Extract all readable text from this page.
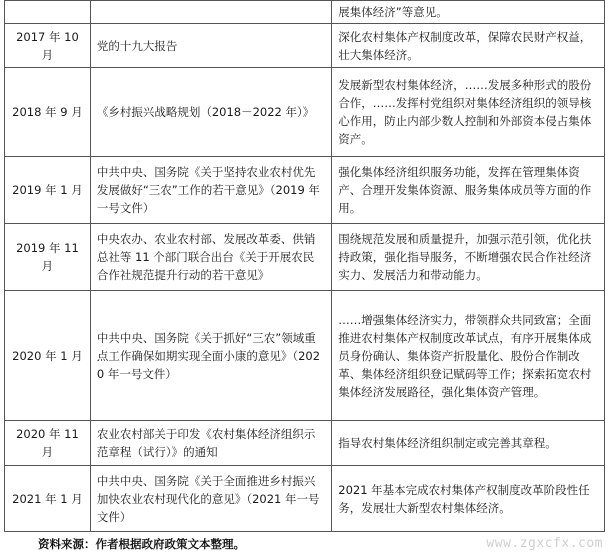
		展集体经济”等意见。
2017 年 10 月	党的十九大报告	深化农村集体产权制度改革，保障农民财产权益，壮大集体经济。
2018 年 9 月	《乡村振兴战略规划（2018－2022 年）》	发展新型农村集体经济，……发展多种形式的股份合作，……发挥村党组织对集体经济组织的领导核心作用，防止内部少数人控制和外部资本侵占集体资产。
2019 年 1 月	中共中央、国务院《关于坚持农业农村优先发展做好“三农”工作的若干意见》（2019 年一号文件）	强化集体经济组织服务功能，发挥在管理集体资产、合理开发集体资源、服务集体成员等方面的作用。
2019 年 11 月	中央农办、农业农村部、发展改革委、供销总社等 11 个部门联合出台《关于开展农民合作社规范提升行动的若干意见》	围绕规范发展和质量提升，加强示范引领，优化扶持政策，强化指导服务，不断增强农民合作社经济实力、发展活力和带动能力。
2020 年 1 月	中共中央、国务院《关于抓好“三农”领域重点工作确保如期实现全面小康的意见》（2020 年一号文件）	……增强集体经济实力，带领群众共同致富；全面推进农村集体产权制度改革试点，有序开展集体成员身份确认、集体资产折股量化、股份合作制改革、集体经济组织登记赋码等工作；探索拓宽农村集体经济发展路径，强化集体资产管理。
2020 年 11 月	农业农村部关于印发《农村集体经济组织示范章程（试行）》的通知	指导农村集体经济组织制定或完善其章程。
2021 年 1 月	中共中央、国务院《关于全面推进乡村振兴加快农业农村现代化的意见》（2021 年一号文件）	2021 年基本完成农村集体产权制度改革阶段性任务，发展壮大新型农村集体经济。
资料来源：作者根据政府政策文本整理。	www.zgxcfx.com
